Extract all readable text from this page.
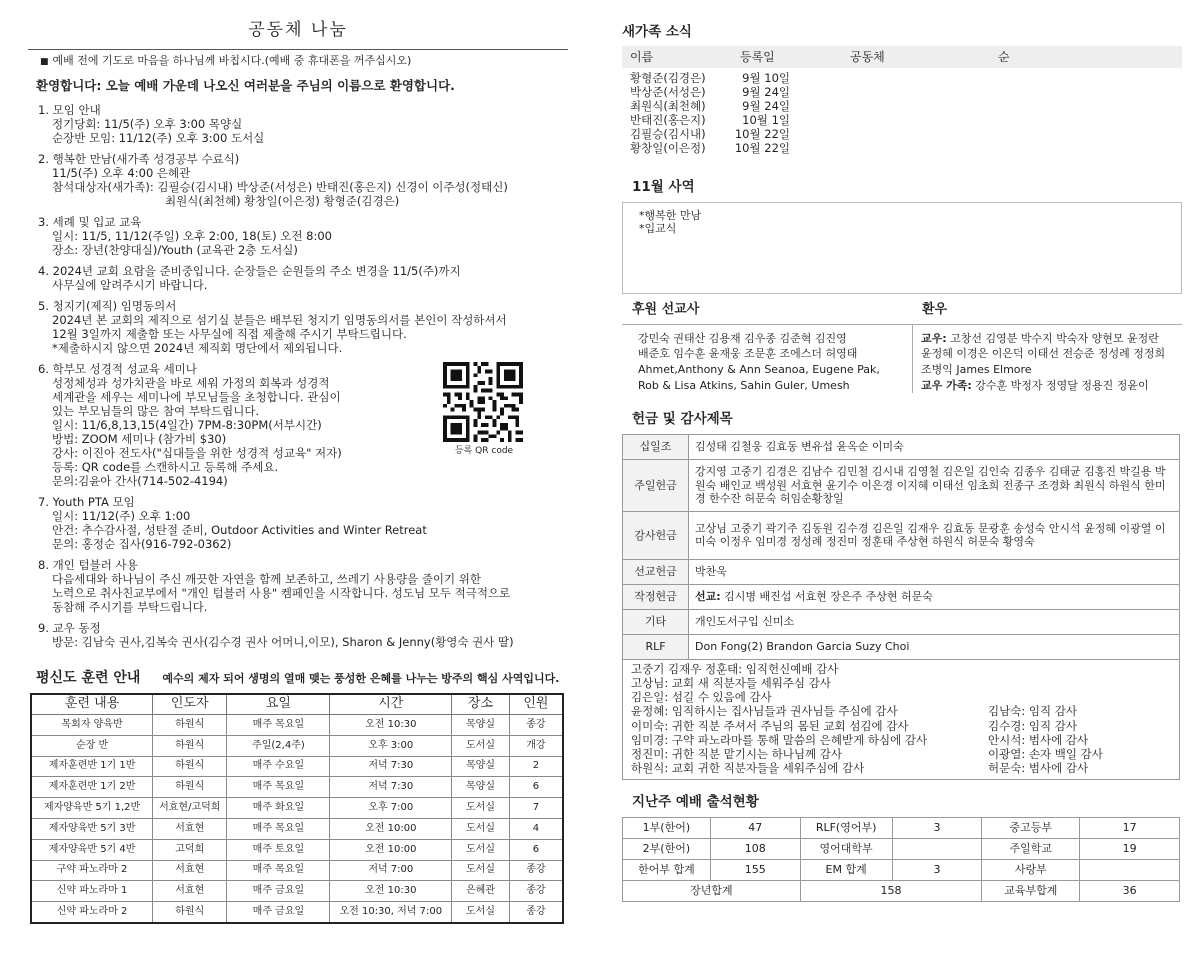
공동체 나눔
■ 예배 전에 기도로 마음을 하나님께 바칩시다.(예배 중 휴대폰을 꺼주십시오)
환영합니다: 오늘 예배 가운데 나오신 여러분을 주님의 이름으로 환영합니다.
1. 모임 안내
정기당회: 11/5(주) 오후 3:00 목양실
순장반 모임: 11/12(주) 오후 3:00 도서실
2. 행복한 만남(새가족 성경공부 수료식)
11/5(주) 오후 4:00 은혜관
참석대상자(새가족): 김필승(김시내) 박상준(서성은) 반태진(홍은지) 신경이 이주성(정태신)
최원식(최천혜) 황창일(이은정) 황형준(김경은)
3. 세례 및 입교 교육
일시: 11/5, 11/12(주일) 오후 2:00, 18(토) 오전 8:00
장소: 장년(찬양대실)/Youth (교육관 2층 도서실)
4. 2024년 교회 요람을 준비중입니다. 순장들은 순원들의 주소 변경을 11/5(주)까지
사무실에 알려주시기 바랍니다.
5. 청지기(제직) 임명동의서
2024년 본 교회의 제직으로 섬기실 분들은 배부된 청지기 임명동의서를 본인이 작성하셔서
12월 3일까지 제출함 또는 사무실에 직접 제출해 주시기 부탁드립니다.
*제출하시지 않으면 2024년 제직회 명단에서 제외됩니다.
6. 학부모 성경적 성교육 세미나
성정체성과 성가치관을 바로 세워 가정의 회복과 성경적
세계관을 세우는 세미나에 부모님들을 초청합니다. 관심이
있는 부모님들의 많은 참여 부탁드립니다.
일시: 11/6,8,13,15(4일간) 7PM-8:30PM(서부시간)
방법: ZOOM 세미나 (참가비 $30)
강사: 이진아 전도사("십대들을 위한 성경적 성교육" 저자)
등록: QR code를 스캔하시고 등록해 주세요.
문의:김윤아 간사(714-502-4194)
등록 QR code
7. Youth PTA 모임
일시: 11/12(주) 오후 1:00
안건: 추수감사절, 성탄절 준비, Outdoor Activities and Winter Retreat
문의: 홍정순 집사(916-792-0362)
8. 개인 텀블러 사용
다음세대와 하나님이 주신 깨끗한 자연을 함께 보존하고, 쓰레기 사용량을 줄이기 위한
노력으로 취사친교부에서 "개인 텀블러 사용" 켐페인을 시작합니다. 성도님 모두 적극적으로
동참해 주시기를 부탁드립니다.
9. 교우 동정
방문: 김남숙 권사,김복숙 권사(김수경 권사 어머니,이모), Sharon & Jenny(황영숙 권사 딸)
평신도 훈련 안내 예수의 제자 되어 생명의 열매 맺는 풍성한 은혜를 나누는 방주의 핵심 사역입니다.
훈련 내용	인도자	요일	시간	장소	인원
목회자 양육반	하원식	매주 목요일	오전 10:30	목양실	종강
순장 반	하원식	주일(2,4주)	오후 3:00	도서실	개강
제자훈련반 1기 1반	하원식	매주 수요일	저녁 7:30	목양실	2
제자훈련반 1기 2반	하원식	매주 목요일	저녁 7:30	목양실	6
제자양육반 5기 1,2반	서효현/고덕희	매주 화요일	오후 7:00	도서실	7
제자양육반 5기 3반	서효현	매주 목요일	오전 10:00	도서실	4
제자양육반 5기 4반	고덕희	매주 토요일	오전 10:00	도서실	6
구약 파노라마 2	서효현	매주 목요일	저녁 7:00	도서실	종강
신약 파노라마 1	서효현	매주 금요일	오전 10:30	은혜관	종강
신약 파노라마 2	하원식	매주 금요일	오전 10:30, 저녁 7:00	도서실	종강
새가족 소식
이름	등록일	공동체	순
황형준(김경은)	9월 10일
박상준(서성은)	9월 24일
최원식(최천혜)	9월 24일
반태진(홍은지)	10월 1일
김필승(김시내)	10월 22일
황창일(이은정)	10월 22일
11월 사역
*행복한 만남
*입교식
후원 선교사
강민숙 권태산 김용재 김우종 김준혁 김진영
배준호 임수훈 윤재웅 조문훈 조에스더 허영태
Ahmet,Anthony & Ann Seanoa, Eugene Pak,
Rob & Lisa Atkins, Sahin Guler, Umesh
환우
교우: 고창선 김영분 박수지 박숙자 양현모 윤정란
윤정혜 이경은 이은덕 이태선 전승준 정성례 정정희
조병익 James Elmore
교우 가족: 강수훈 박정자 정영달 정용진 정윤이
헌금 및 감사제목
십일조	김성태 김철웅 김효동 변유섭 윤옥순 이미숙
주일헌금	강지영 고중기 김경은 김남수 김민철 김시내 김영철 김은일 김인숙 김종우 김태균 김홍진 박길용 박원숙 배인교 백성원 서효현 윤기수 이은경 이지혜 이태선 임초희 전종구 조경화 최원식 하원식 한미경 한수잔 허문숙 허임순황창일
감사헌금	고상님 고중기 곽기주 김동원 김수경 김은일 김재우 김효동 문광훈 송성숙 안시석 윤정혜 이광열 이미숙 이정우 임미경 정성례 정진미 정훈태 주상현 하원식 허문숙 황영숙
선교헌금	박찬욱
작정헌금	선교: 김시병 배진섭 서효현 장은주 주상현 허문숙
기타	개인도서구입 신미소
RLF	Don Fong(2) Brandon Garcia Suzy Choi
고중기 김재우 정훈태: 임직헌신예배 감사
고상님: 교회 새 직분자들 세워주심 감사
김은일: 섬길 수 있음에 감사
윤정혜: 임직하시는 집사님들과 권사님들 주심에 감사
이미숙: 귀한 직분 주셔서 주님의 몸된 교회 섬김에 감사
임미경: 구약 파노라마를 통해 말씀의 은혜받게 하심에 감사
정진미: 귀한 직분 맡기시는 하나님께 감사
하원식: 교회 귀한 직분자들을 세워주심에 감사
김남숙: 임직 감사
김수경: 임직 감사
안시석: 범사에 감사
이광열: 손자 백일 감사
허문숙: 범사에 감사
지난주 예배 출석현황
1부(한어)	47	RLF(영어부)	3	중고등부	17
2부(한어)	108	영어대학부		주일학교	19
한어부 합계	155	EM 합계	3	사랑부	
장년합계		158		교육부합계	36
